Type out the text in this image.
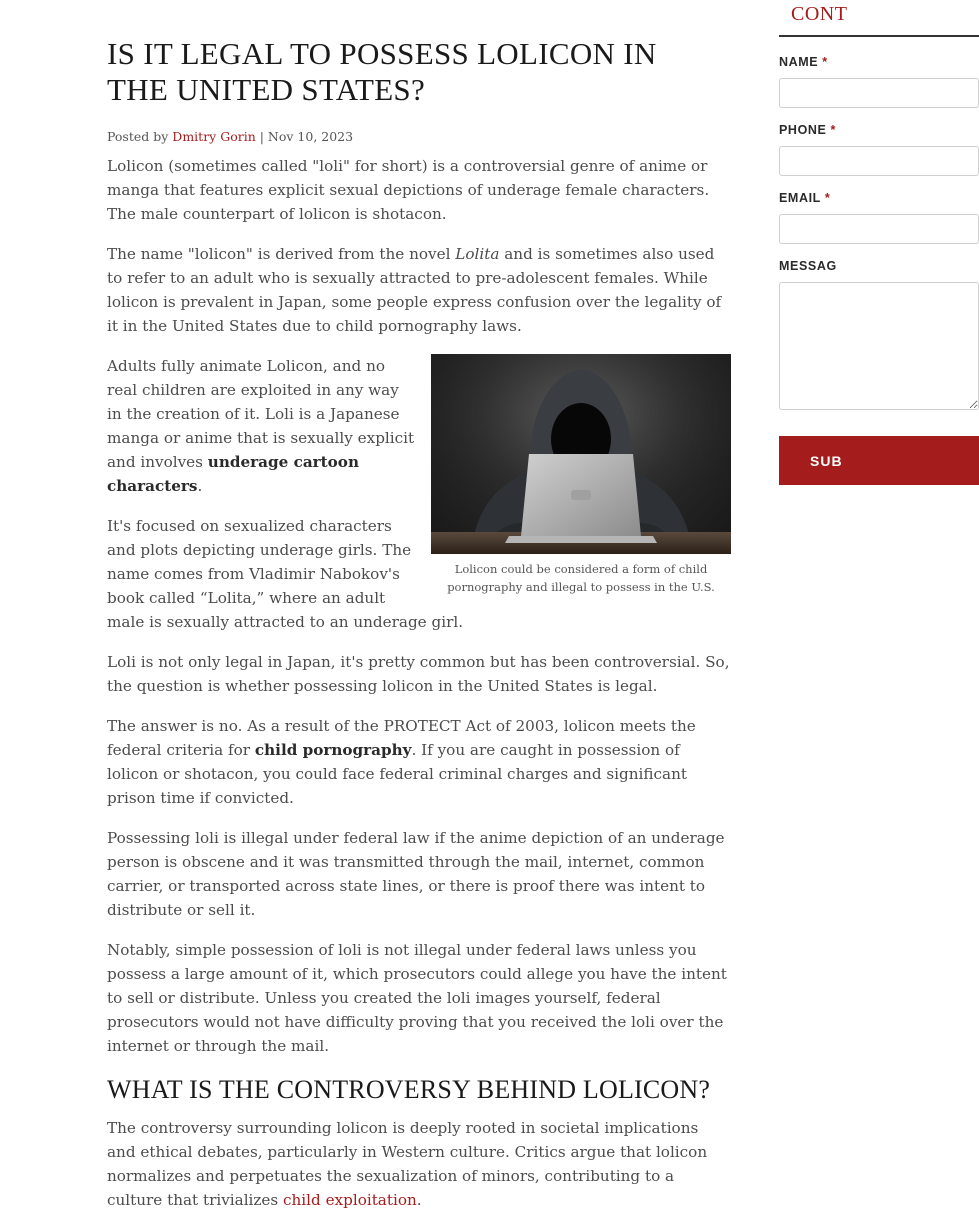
IS IT LEGAL TO POSSESS LOLICON IN THE UNITED STATES?
Posted by Dmitry Gorin | Nov 10, 2023

Lolicon (sometimes called "loli" for short) is a controversial genre of anime or manga that features explicit sexual depictions of underage female characters. The male counterpart of lolicon is shotacon.

The name "lolicon" is derived from the novel Lolita and is sometimes also used to refer to an adult who is sexually attracted to pre-adolescent females. While lolicon is prevalent in Japan, some people express confusion over the legality of it in the United States due to child pornography laws.

Lolicon could be considered a form of child pornography and illegal to possess in the U.S.

Adults fully animate Lolicon, and no real children are exploited in any way in the creation of it. Loli is a Japanese manga or anime that is sexually explicit and involves underage cartoon characters.

It's focused on sexualized characters and plots depicting underage girls. The name comes from Vladimir Nabokov's book called “Lolita,” where an adult male is sexually attracted to an underage girl.

Loli is not only legal in Japan, it's pretty common but has been controversial. So, the question is whether possessing lolicon in the United States is legal.

The answer is no. As a result of the PROTECT Act of 2003, lolicon meets the federal criteria for child pornography. If you are caught in possession of lolicon or shotacon, you could face federal criminal charges and significant prison time if convicted.

Possessing loli is illegal under federal law if the anime depiction of an underage person is obscene and it was transmitted through the mail, internet, common carrier, or transported across state lines, or there is proof there was intent to distribute or sell it.

Notably, simple possession of loli is not illegal under federal laws unless you possess a large amount of it, which prosecutors could allege you have the intent to sell or distribute. Unless you created the loli images yourself, federal prosecutors would not have difficulty proving that you received the loli over the internet or through the mail.

WHAT IS THE CONTROVERSY BEHIND LOLICON?

The controversy surrounding lolicon is deeply rooted in societal implications and ethical debates, particularly in Western culture. Critics argue that lolicon normalizes and perpetuates the sexualization of minors, contributing to a culture that trivializes child exploitation.

CONT
NAME *
PHONE *
EMAIL *
MESSAG
SUB
